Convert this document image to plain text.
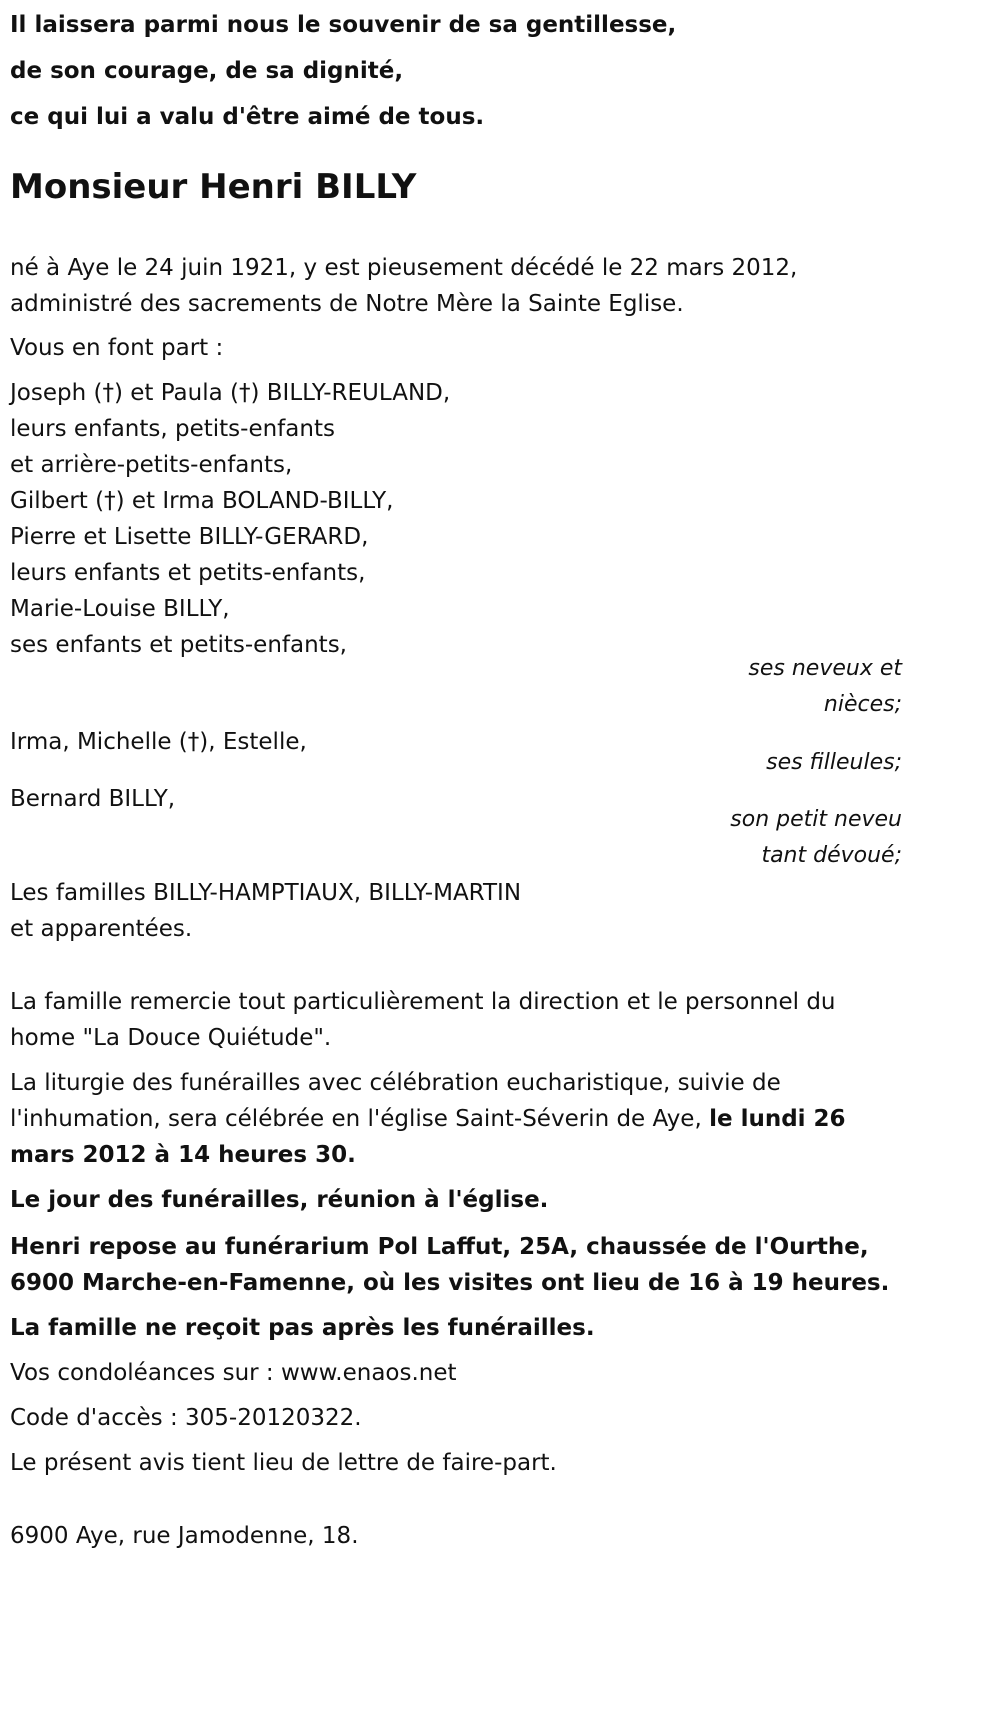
Il laissera parmi nous le souvenir de sa gentillesse,
de son courage, de sa dignité,
ce qui lui a valu d'être aimé de tous.
Monsieur Henri BILLY
né à Aye le 24 juin 1921, y est pieusement décédé le 22 mars 2012,
administré des sacrements de Notre Mère la Sainte Eglise.
Vous en font part :
Joseph (†) et Paula (†) BILLY-REULAND,
leurs enfants, petits-enfants
et arrière-petits-enfants,
Gilbert (†) et Irma BOLAND-BILLY,
Pierre et Lisette BILLY-GERARD,
leurs enfants et petits-enfants,
Marie-Louise BILLY,
ses enfants et petits-enfants,
ses neveux et
nièces;
Irma, Michelle (†), Estelle,
ses filleules;
Bernard BILLY,
son petit neveu
tant dévoué;
Les familles BILLY-HAMPTIAUX, BILLY-MARTIN
et apparentées.
La famille remercie tout particulièrement la direction et le personnel du
home "La Douce Quiétude".
La liturgie des funérailles avec célébration eucharistique, suivie de
l'inhumation, sera célébrée en l'église Saint-Séverin de Aye, le lundi 26
mars 2012 à 14 heures 30.
Le jour des funérailles, réunion à l'église.
Henri repose au funérarium Pol Laffut, 25A, chaussée de l'Ourthe,
6900 Marche-en-Famenne, où les visites ont lieu de 16 à 19 heures.
La famille ne reçoit pas après les funérailles.
Vos condoléances sur : www.enaos.net
Code d'accès : 305-20120322.
Le présent avis tient lieu de lettre de faire-part.
6900 Aye, rue Jamodenne, 18.
